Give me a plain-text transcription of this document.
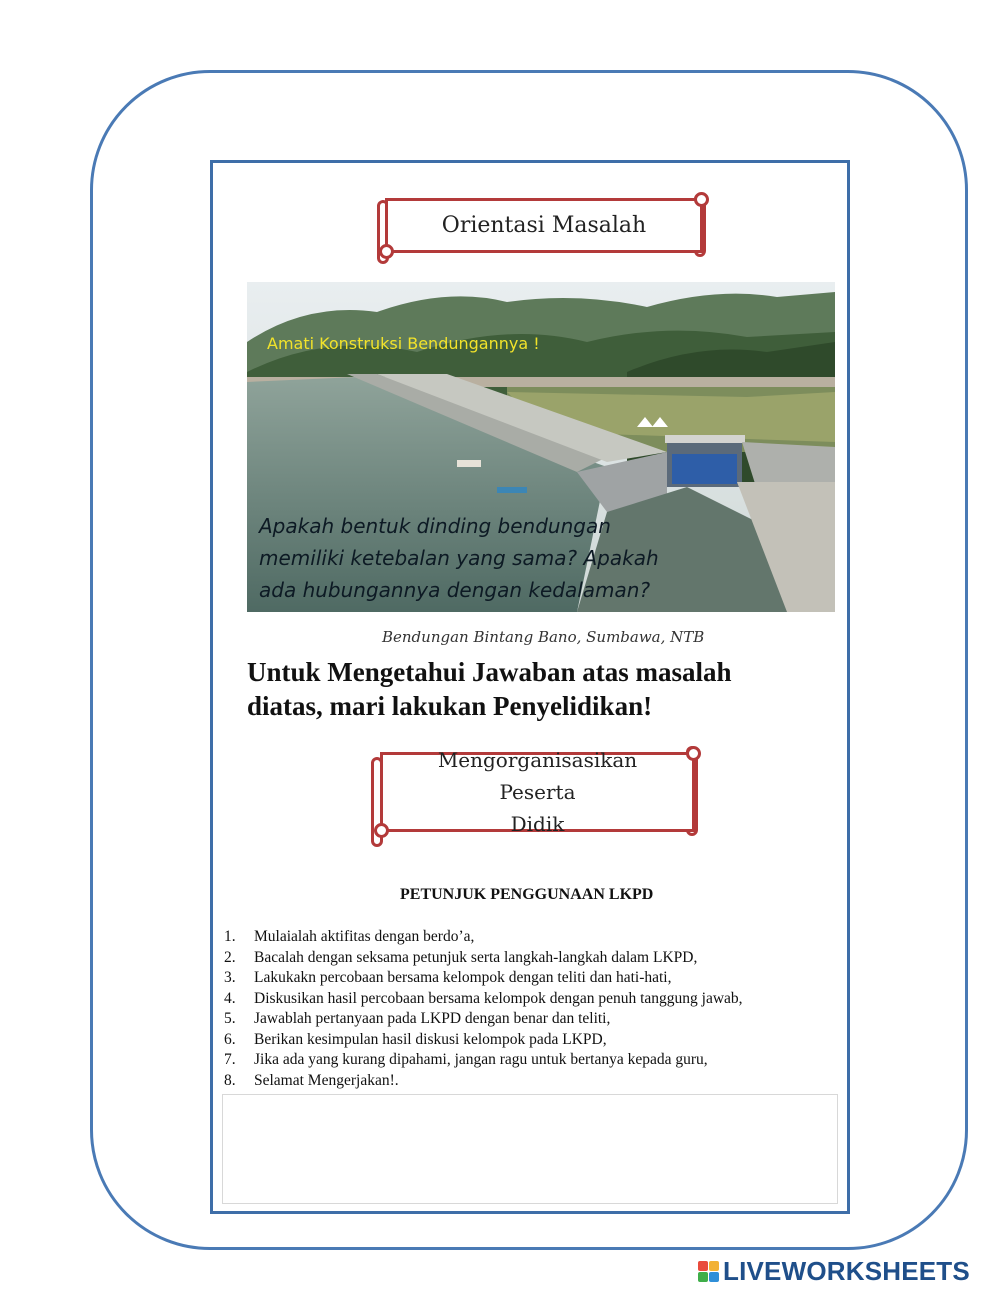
Orientasi Masalah
Amati Konstruksi Bendungannya !
Apakah bentuk dinding bendungan
memiliki ketebalan yang sama? Apakah
ada hubungannya dengan kedalaman?
Bendungan Bintang Bano, Sumbawa, NTB
Untuk Mengetahui Jawaban atas masalah
diatas, mari lakukan Penyelidikan!
Mengorganisasikan Peserta
Didik
PETUNJUK PENGGUNAAN LKPD
1.	Mulaialah aktifitas dengan berdo’a,
2.	Bacalah dengan seksama petunjuk serta langkah-langkah dalam LKPD,
3.	Lakukakn percobaan bersama kelompok dengan teliti dan hati-hati,
4.	Diskusikan hasil percobaan bersama kelompok dengan penuh tanggung jawab,
5.	Jawablah pertanyaan pada LKPD dengan benar dan teliti,
6.	Berikan kesimpulan hasil diskusi kelompok pada LKPD,
7.	Jika ada yang kurang dipahami, jangan ragu untuk bertanya kepada guru,
8.	Selamat Mengerjakan!.
LIVEWORKSHEETS
